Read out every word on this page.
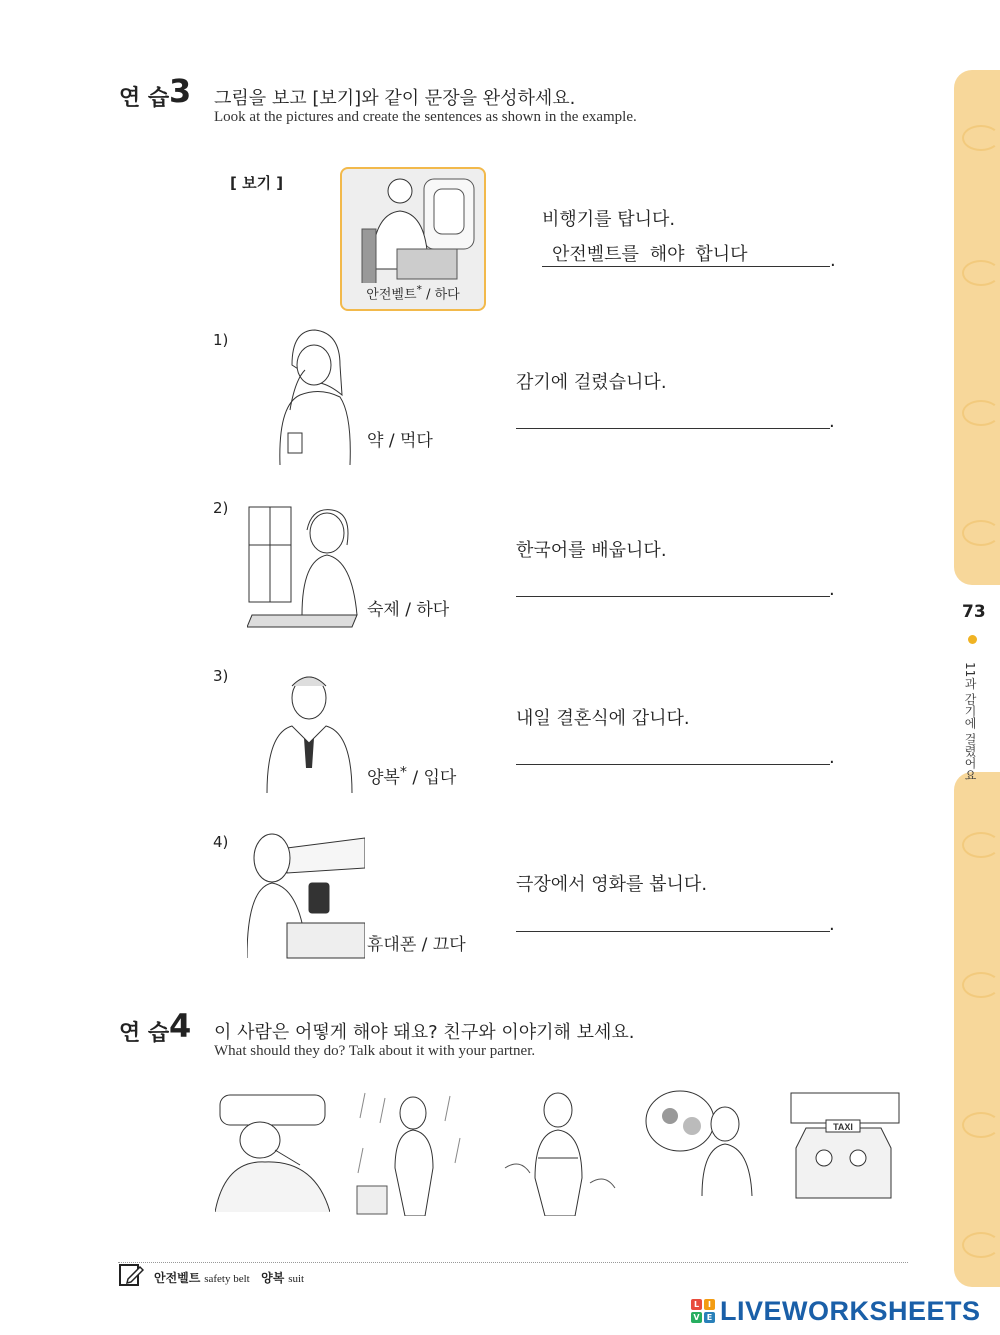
73
11과 감기에 걸렸어요
연 습 3 그림을 보고 [보기]와 같이 문장을 완성하세요.
Look at the pictures and create the sentences as shown in the example.
[ 보기 ]
안전벨트* / 하다
비행기를 탑니다.
안전벨트를 해야 합니다	.
1)
약 / 먹다
감기에 걸렸습니다.
.
2)
숙제 / 하다
한국어를 배웁니다.
.
3)
양복* / 입다
내일 결혼식에 갑니다.
.
4)
휴대폰 / 끄다
극장에서 영화를 봅니다.
.
연 습 4 이 사람은 어떻게 해야 돼요? 친구와 이야기해 보세요.
What should they do? Talk about it with your partner.
TAXI
안전벨트 safety belt 양복 suit
L	I
V E LIVEWORKSHEETS
